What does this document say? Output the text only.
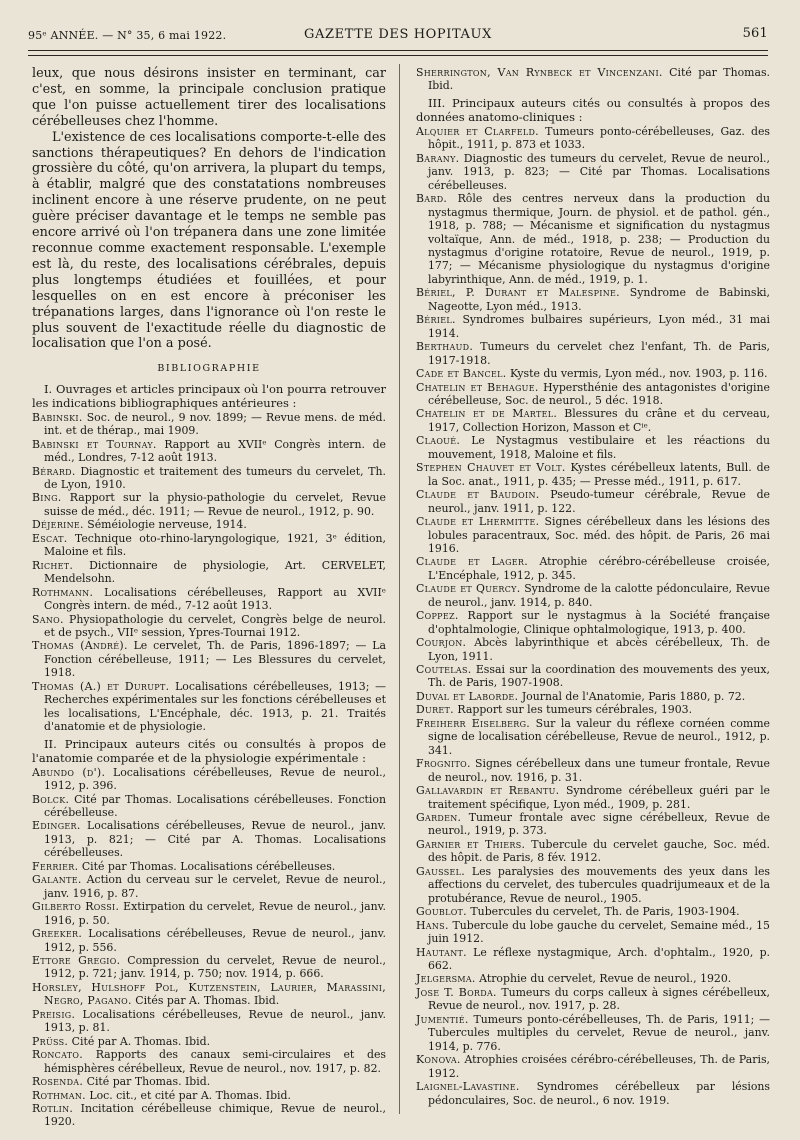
95ᵉ ANNÉE. — N° 35, 6 mai 1922.	GAZETTE DES HOPITAUX	561

leux, que nous désirons insister en terminant, car c'est, en somme, la principale conclusion pratique que l'on puisse actuellement tirer des localisations cérébelleuses chez l'homme.

L'existence de ces localisations comporte-t-elle des sanctions thérapeutiques? En dehors de l'indication grossière du côté, qu'on arrivera, la plupart du temps, à établir, malgré que des constatations nombreuses inclinent encore à une réserve prudente, on ne peut guère préciser davantage et le temps ne semble pas encore arrivé où l'on trépanera dans une zone limitée reconnue comme exactement responsable. L'exemple est là, du reste, des localisations cérébrales, depuis plus longtemps étudiées et fouillées, et pour lesquelles on en est encore à préconiser les trépanations larges, dans l'ignorance où l'on reste le plus souvent de l'exactitude réelle du diagnostic de localisation que l'on a posé.

BIBLIOGRAPHIE

I. Ouvrages et articles principaux où l'on pourra retrouver les indications bibliographiques antérieures :

Babinski. Soc. de neurol., 9 nov. 1899; — Revue mens. de méd. int. et de thérap., mai 1909.

Babinski et Tournay. Rapport au XVIIᵉ Congrès intern. de méd., Londres, 7-12 août 1913.

Bérard. Diagnostic et traitement des tumeurs du cervelet, Th. de Lyon, 1910.

Bing. Rapport sur la physio-pathologie du cervelet, Revue suisse de méd., déc. 1911; — Revue de neurol., 1912, p. 90.

Déjerine. Séméiologie nerveuse, 1914.

Escat. Technique oto-rhino-laryngologique, 1921, 3ᵉ édition, Maloine et fils.

Richet. Dictionnaire de physiologie, Art. CERVELET, Mendelsohn.

Rothmann. Localisations cérébelleuses, Rapport au XVIIᵉ Congrès intern. de méd., 7-12 août 1913.

Sano. Physiopathologie du cervelet, Congrès belge de neurol. et de psych., VIIᵉ session, Ypres-Tournai 1912.

Thomas (André). Le cervelet, Th. de Paris, 1896-1897; — La Fonction cérébelleuse, 1911; — Les Blessures du cervelet, 1918.

Thomas (A.) et Durupt. Localisations cérébelleuses, 1913; — Recherches expérimentales sur les fonctions cérébelleuses et les localisations, L'Encéphale, déc. 1913, p. 21. Traités d'anatomie et de physiologie.

II. Principaux auteurs cités ou consultés à propos de l'anatomie comparée et de la physiologie expérimentale :

Abundo (d'). Localisations cérébelleuses, Revue de neurol., 1912, p. 396.

Bolck. Cité par Thomas. Localisations cérébelleuses. Fonction cérébelleuse.

Edinger. Localisations cérébelleuses, Revue de neurol., janv. 1913, p. 821; — Cité par A. Thomas. Localisations cérébelleuses.

Ferrier. Cité par Thomas. Localisations cérébelleuses.

Galante. Action du cerveau sur le cervelet, Revue de neurol., janv. 1916, p. 87.

Gilberto Rossi. Extirpation du cervelet, Revue de neurol., janv. 1916, p. 50.

Greeker. Localisations cérébelleuses, Revue de neurol., janv. 1912, p. 556.

Ettore Gregio. Compression du cervelet, Revue de neurol., 1912, p. 721; janv. 1914, p. 750; nov. 1914, p. 666.

Horsley, Hulshoff Pol, Kutzenstein, Laurier, Marassini, Negro, Pagano. Cités par A. Thomas. Ibid.

Preisig. Localisations cérébelleuses, Revue de neurol., janv. 1913, p. 81.

Prüss. Cité par A. Thomas. Ibid.

Roncato. Rapports des canaux semi-circulaires et des hémisphères cérébelleux, Revue de neurol., nov. 1917, p. 82.

Rosenda. Cité par Thomas. Ibid.

Rothman. Loc. cit., et cité par A. Thomas. Ibid.

Rotlin. Incitation cérébelleuse chimique, Revue de neurol., 1920.

Sherrington, Van Rynbeck et Vincenzani. Cité par Thomas. Ibid.

III. Principaux auteurs cités ou consultés à propos des données anatomo-cliniques :

Alquier et Clarfeld. Tumeurs ponto-cérébelleuses, Gaz. des hôpit., 1911, p. 873 et 1033.

Barany. Diagnostic des tumeurs du cervelet, Revue de neurol., janv. 1913, p. 823; — Cité par Thomas. Localisations cérébelleuses.

Bard. Rôle des centres nerveux dans la production du nystagmus thermique, Journ. de physiol. et de pathol. gén., 1918, p. 788; — Mécanisme et signification du nystagmus voltaïque, Ann. de méd., 1918, p. 238; — Production du nystagmus d'origine rotatoire, Revue de neurol., 1919, p. 177; — Mécanisme physiologique du nystagmus d'origine labyrinthique, Ann. de méd., 1919, p. 1.

Bériel, P. Durant et Malespine. Syndrome de Babinski, Nageotte, Lyon méd., 1913.

Bériel. Syndromes bulbaires supérieurs, Lyon méd., 31 mai 1914.

Berthaud. Tumeurs du cervelet chez l'enfant, Th. de Paris, 1917-1918.

Cade et Bancel. Kyste du vermis, Lyon méd., nov. 1903, p. 116.

Chatelin et Behague. Hypersthénie des antagonistes d'origine cérébelleuse, Soc. de neurol., 5 déc. 1918.

Chatelin et de Martel. Blessures du crâne et du cerveau, 1917, Collection Horizon, Masson et Cⁱᵉ.

Claoué. Le Nystagmus vestibulaire et les réactions du mouvement, 1918, Maloine et fils.

Stephen Chauvet et Volt. Kystes cérébelleux latents, Bull. de la Soc. anat., 1911, p. 435; — Presse méd., 1911, p. 617.

Claude et Baudoin. Pseudo-tumeur cérébrale, Revue de neurol., janv. 1911, p. 122.

Claude et Lhermitte. Signes cérébelleux dans les lésions des lobules paracentraux, Soc. méd. des hôpit. de Paris, 26 mai 1916.

Claude et Lager. Atrophie cérébro-cérébelleuse croisée, L'Encéphale, 1912, p. 345.

Claude et Quercy. Syndrome de la calotte pédonculaire, Revue de neurol., janv. 1914, p. 840.

Coppez. Rapport sur le nystagmus à la Société française d'ophtalmologie, Clinique ophtalmologique, 1913, p. 400.

Courjon. Abcès labyrinthique et abcès cérébelleux, Th. de Lyon, 1911.

Coutelas. Essai sur la coordination des mouvements des yeux, Th. de Paris, 1907-1908.

Duval et Laborde. Journal de l'Anatomie, Paris 1880, p. 72.

Duret. Rapport sur les tumeurs cérébrales, 1903.

Freiherr Eiselberg. Sur la valeur du réflexe cornéen comme signe de localisation cérébelleuse, Revue de neurol., 1912, p. 341.

Frognito. Signes cérébelleux dans une tumeur frontale, Revue de neurol., nov. 1916, p. 31.

Gallavardin et Rebantu. Syndrome cérébelleux guéri par le traitement spécifique, Lyon méd., 1909, p. 281.

Garden. Tumeur frontale avec signe cérébelleux, Revue de neurol., 1919, p. 373.

Garnier et Thiers. Tubercule du cervelet gauche, Soc. méd. des hôpit. de Paris, 8 fév. 1912.

Gaussel. Les paralysies des mouvements des yeux dans les affections du cervelet, des tubercules quadrijumeaux et de la protubérance, Revue de neurol., 1905.

Goublot. Tubercules du cervelet, Th. de Paris, 1903-1904.

Hans. Tubercule du lobe gauche du cervelet, Semaine méd., 15 juin 1912.

Hautant. Le réflexe nystagmique, Arch. d'ophtalm., 1920, p. 662.

Jelgersma. Atrophie du cervelet, Revue de neurol., 1920.

Jose T. Borda. Tumeurs du corps calleux à signes cérébelleux, Revue de neurol., nov. 1917, p. 28.

Jumentié. Tumeurs ponto-cérébelleuses, Th. de Paris, 1911; — Tubercules multiples du cervelet, Revue de neurol., janv. 1914, p. 776.

Konova. Atrophies croisées cérébro-cérébelleuses, Th. de Paris, 1912.

Laignel-Lavastine. Syndromes cérébelleux par lésions pédonculaires, Soc. de neurol., 6 nov. 1919.
